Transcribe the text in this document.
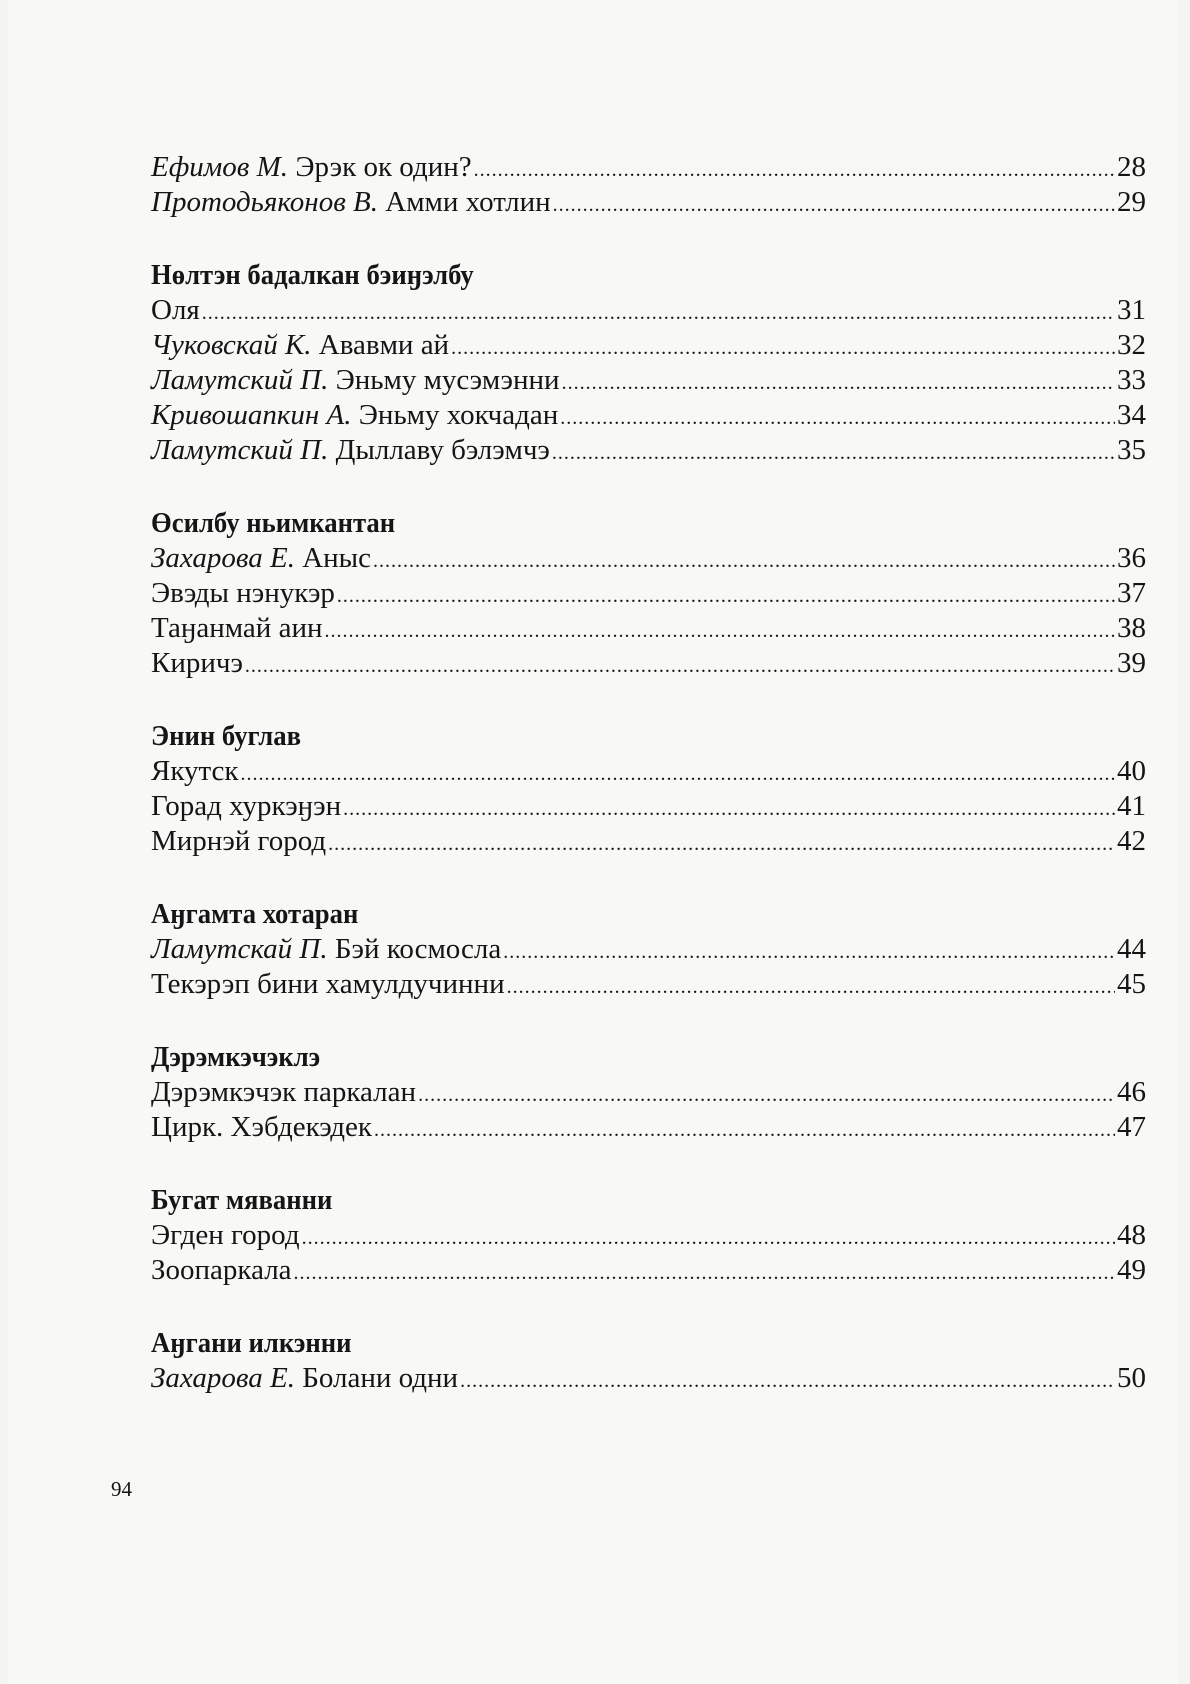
Ефимов М. Эрэк ок один? .....	28
Протодьяконов В. Амми хотлин .....	29
Нөлтэн бадалкан бэиӈэлбу
Оля .....	31
Чуковскай К. Аваʙми ай .....	32
Ламутский П. Эньму мусэмэнни .....	33
Кривошапкин А. Эньму хокчадан .....	34
Ламутский П. Дыллаву бэлэмчэ .....	35
Өсилбу ньимкантан
Захарова Е. Аныс .....	36
Эвэды нэнукэр .....	37
Таӈанмай аин .....	38
Киричэ .....	39
Энин буглав
Якутск .....	40
Горад хуркэӈэн .....	41
Мирнэй город .....	42
Аӈгамта хотаран
Ламутскай П. Бэй космосла .....	44
Текэрэп бини хамулдучинни .....	45
Дэрэмкэчэклэ
Дэрэмкэчэк паркалан .....	46
Цирк. Хэбдекэдек .....	47
Бугат мяванни
Эгден город .....	48
Зоопаркала .....	49
Аӈгани илкэнни
Захарова Е. Болани одни .....	50
94
